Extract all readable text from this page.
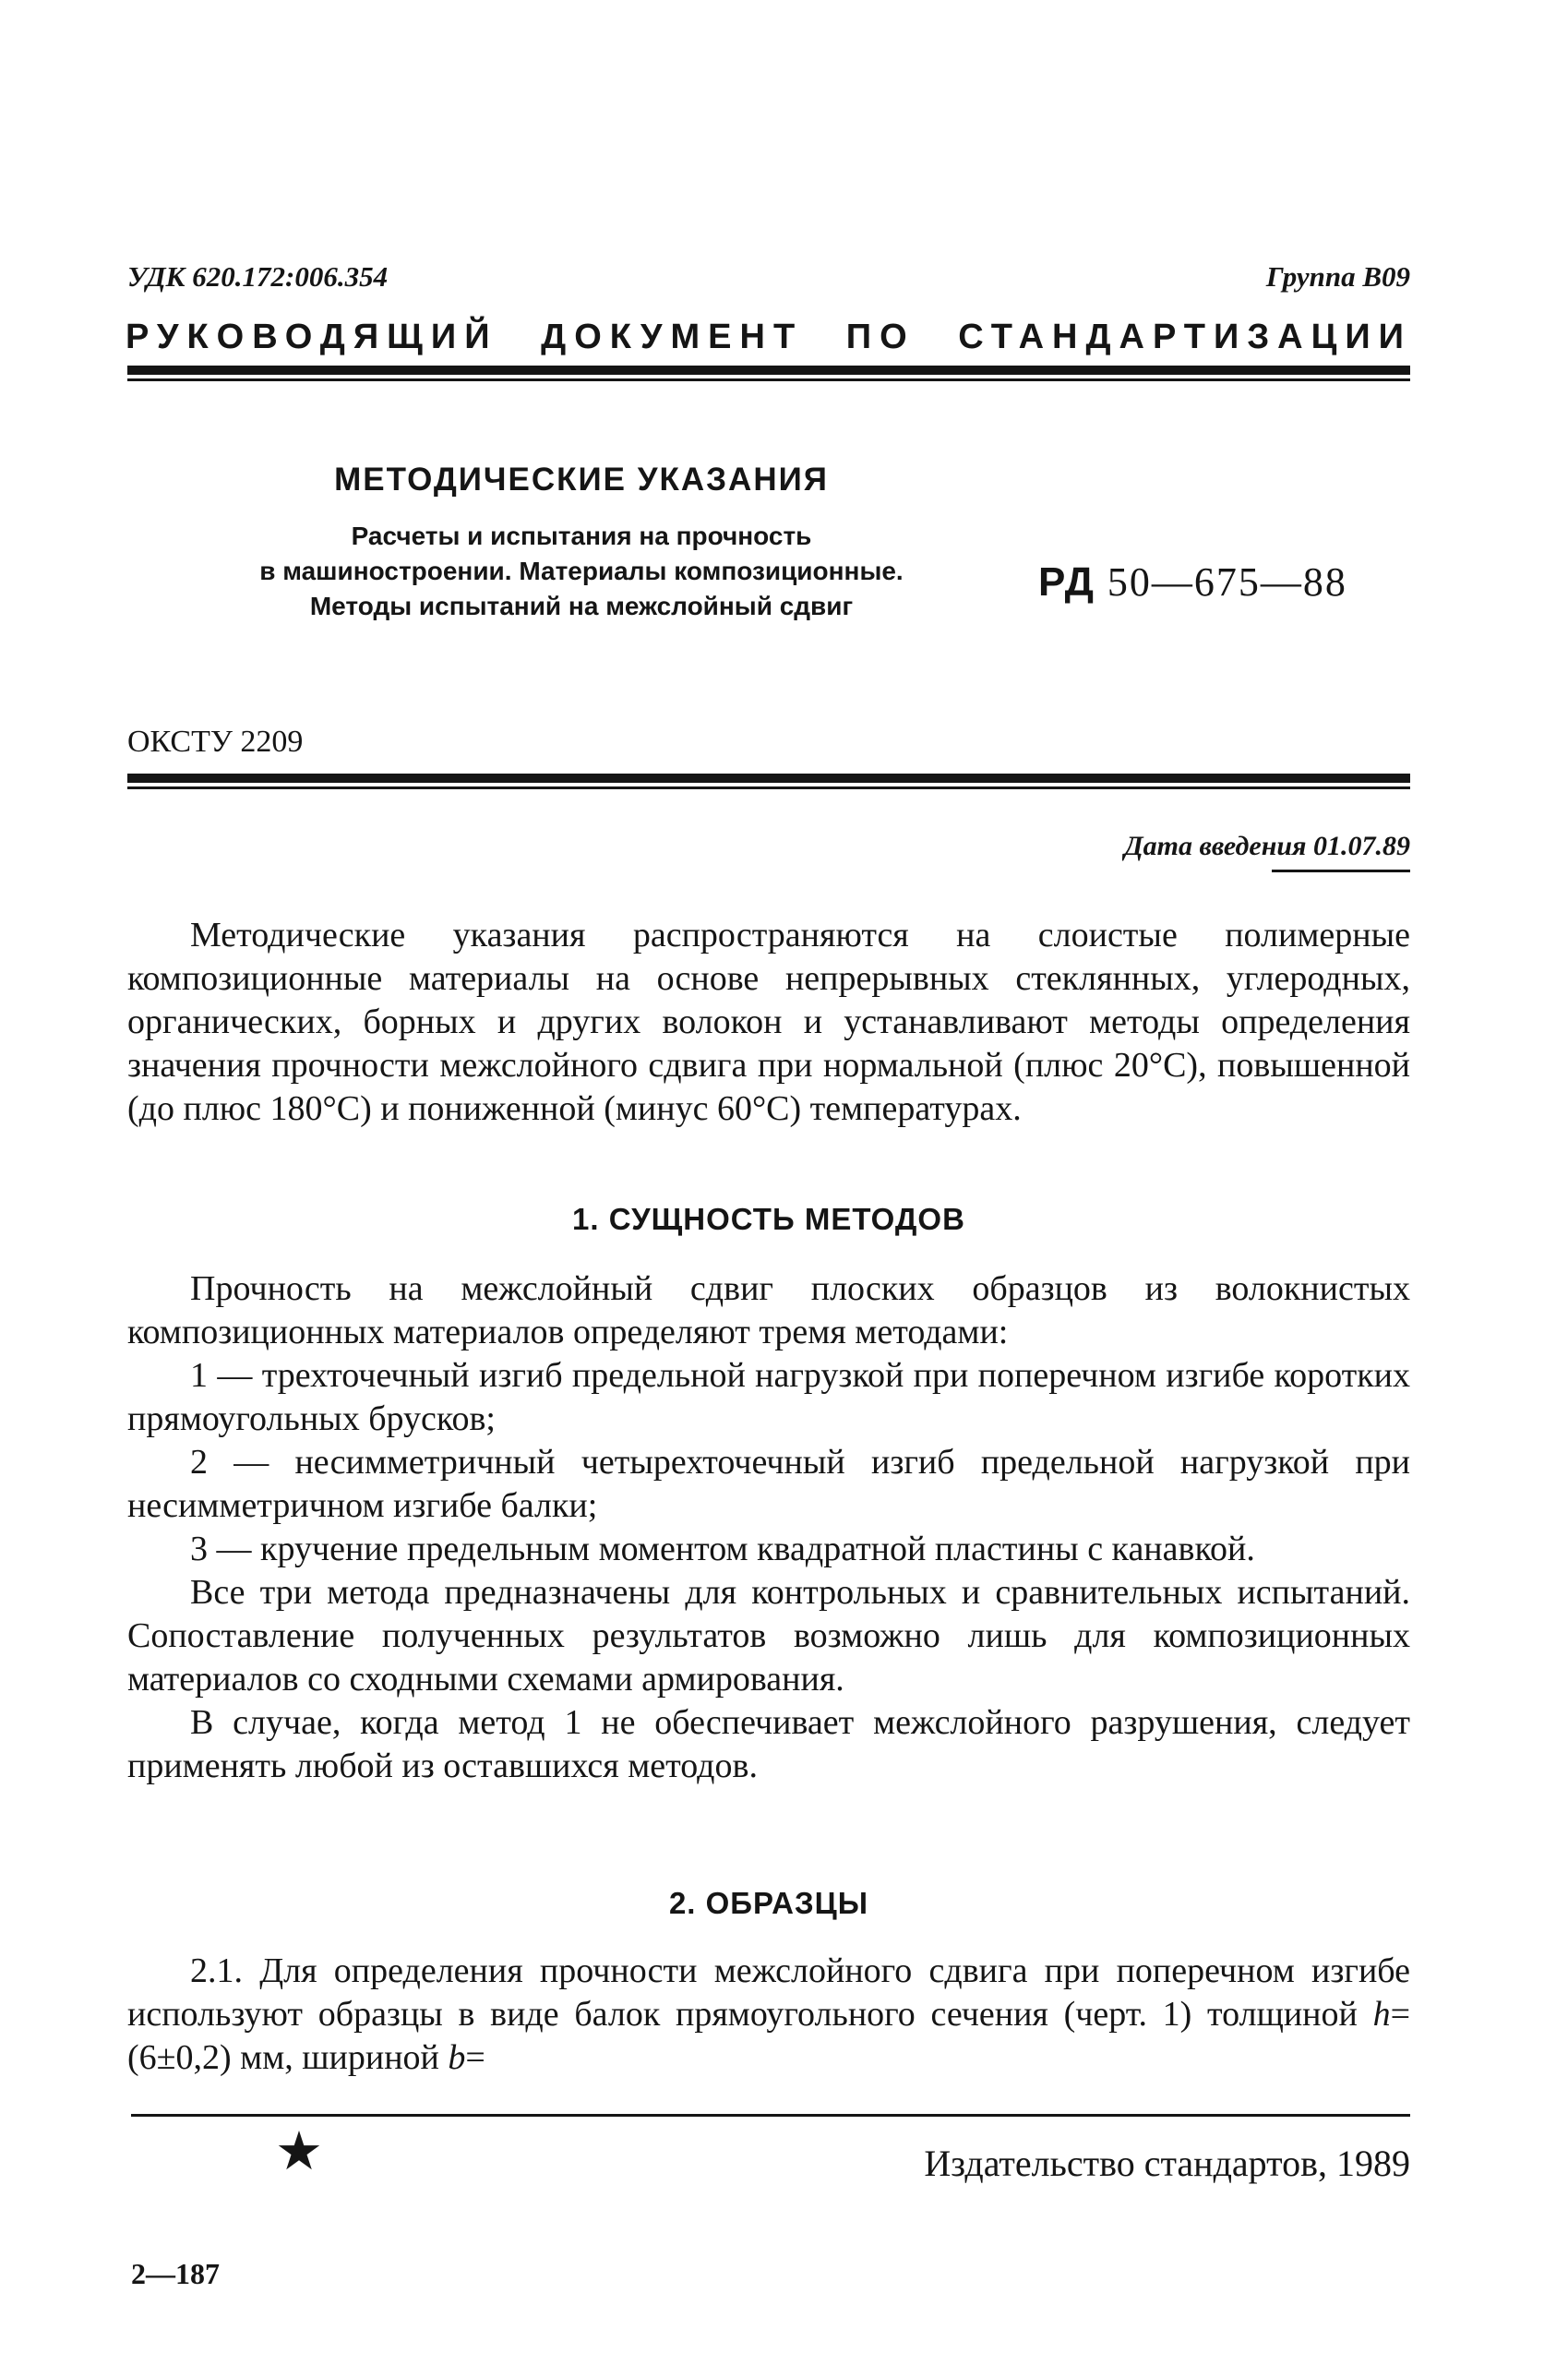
УДК 620.172:006.354	Группа В09
РУКОВОДЯЩИЙ ДОКУМЕНТ ПО СТАНДАРТИЗАЦИИ
МЕТОДИЧЕСКИЕ УКАЗАНИЯ
Расчеты и испытания на прочность
в машиностроении. Материалы композиционные.
Методы испытаний на межслойный сдвиг
РД 50—675—88
ОКСТУ 2209
Дата введения 01.07.89

Методические указания распространяются на слоистые полимерные композиционные материалы на основе непрерывных стеклянных, углеродных, органических, борных и других волокон и устанавливают методы определения значения прочности межслойного сдвига при нормальной (плюс 20°С), повышенной (до плюс 180°С) и пониженной (минус 60°С) температурах.

1. СУЩНОСТЬ МЕТОДОВ

Прочность на межслойный сдвиг плоских образцов из волокнистых композиционных материалов определяют тремя методами:

1 — трехточечный изгиб предельной нагрузкой при поперечном изгибе коротких прямоугольных брусков;

2 — несимметричный четырехточечный изгиб предельной нагрузкой при несимметричном изгибе балки;

3 — кручение предельным моментом квадратной пластины с канавкой.

Все три метода предназначены для контрольных и сравнительных испытаний. Сопоставление полученных результатов возможно лишь для композиционных материалов со сходными схемами армирования.

В случае, когда метод 1 не обеспечивает межслойного разрушения, следует применять любой из оставшихся методов.

2. ОБРАЗЦЫ

2.1. Для определения прочности межслойного сдвига при поперечном изгибе используют образцы в виде балок прямоугольного сечения (черт. 1) толщиной h=(6±0,2) мм, шириной b=

★	Издательство стандартов, 1989
2—187
